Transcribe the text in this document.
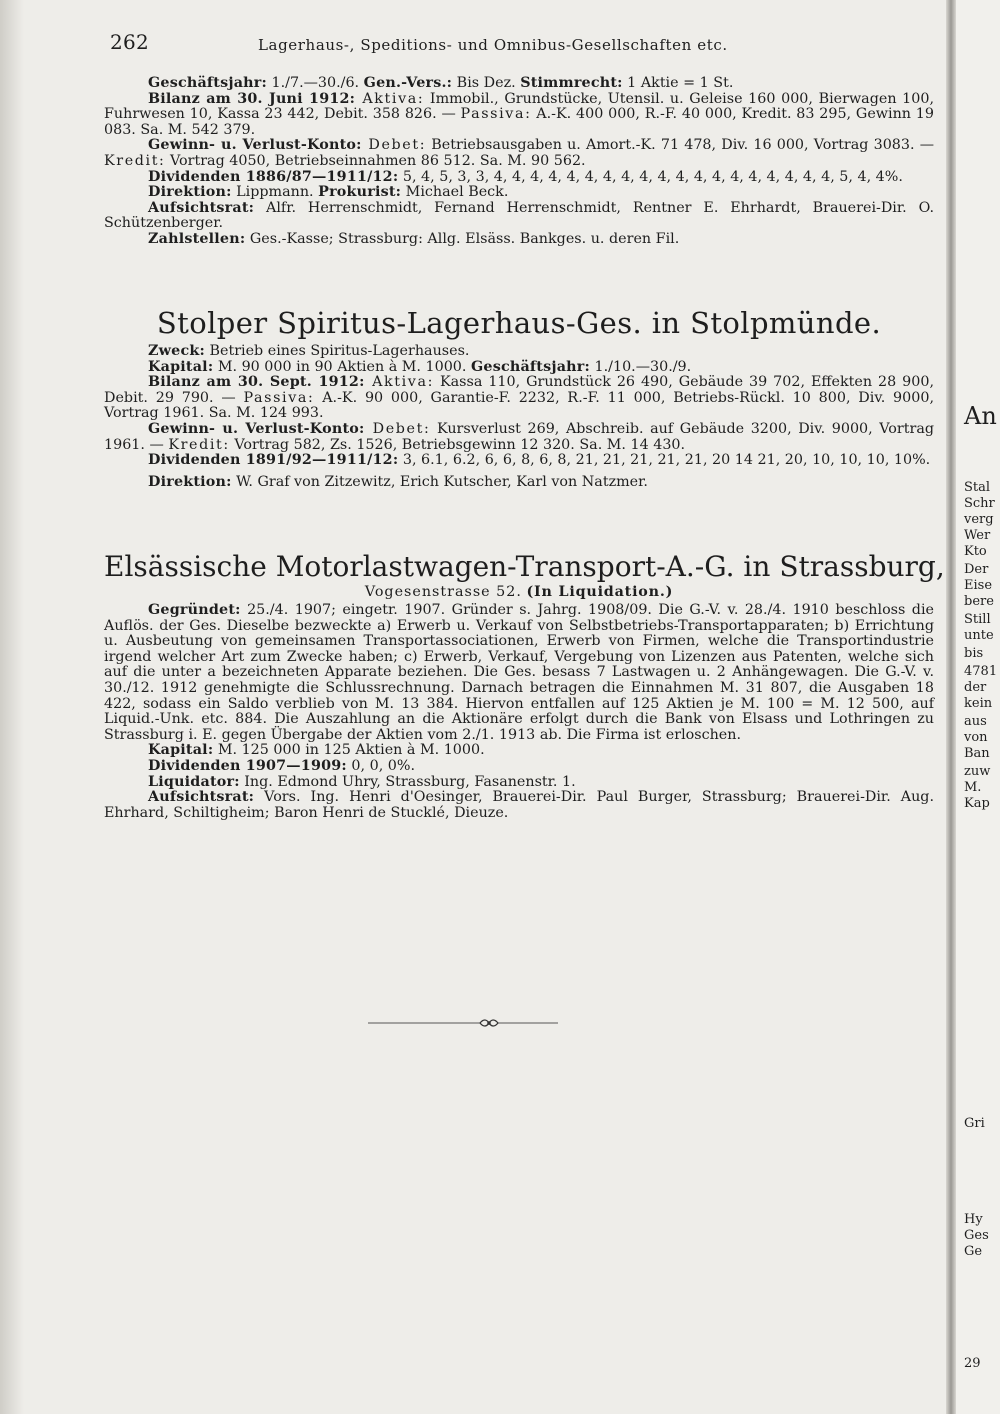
262	Lagerhaus-, Speditions- und Omnibus-Gesellschaften etc.

Geschäftsjahr: 1./7.—30./6. Gen.-Vers.: Bis Dez. Stimmrecht: 1 Aktie = 1 St.

Bilanz am 30. Juni 1912: Aktiva: Immobil., Grundstücke, Utensil. u. Geleise 160 000, Bierwagen 100, Fuhrwesen 10, Kassa 23 442, Debit. 358 826. — Passiva: A.-K. 400 000, R.-F. 40 000, Kredit. 83 295, Gewinn 19 083. Sa. M. 542 379.

Gewinn- u. Verlust-Konto: Debet: Betriebsausgaben u. Amort.-K. 71 478, Div. 16 000, Vortrag 3083. — Kredit: Vortrag 4050, Betriebseinnahmen 86 512. Sa. M. 90 562.

Dividenden 1886/87—1911/12: 5, 4, 5, 3, 3, 4, 4, 4, 4, 4, 4, 4, 4, 4, 4, 4, 4, 4, 4, 4, 4, 4, 4, 4, 5, 4, 4%.

Direktion: Lippmann. Prokurist: Michael Beck.

Aufsichtsrat: Alfr. Herrenschmidt, Fernand Herrenschmidt, Rentner E. Ehrhardt, Brauerei-Dir. O. Schützenberger.

Zahlstellen: Ges.-Kasse; Strassburg: Allg. Elsäss. Bankges. u. deren Fil.

Stolper Spiritus-Lagerhaus-Ges. in Stolpmünde.

Zweck: Betrieb eines Spiritus-Lagerhauses.

Kapital: M. 90 000 in 90 Aktien à M. 1000. Geschäftsjahr: 1./10.—30./9.

Bilanz am 30. Sept. 1912: Aktiva: Kassa 110, Grundstück 26 490, Gebäude 39 702, Effekten 28 900, Debit. 29 790. — Passiva: A.-K. 90 000, Garantie-F. 2232, R.-F. 11 000, Betriebs-Rückl. 10 800, Div. 9000, Vortrag 1961. Sa. M. 124 993.

Gewinn- u. Verlust-Konto: Debet: Kursverlust 269, Abschreib. auf Gebäude 3200, Div. 9000, Vortrag 1961. — Kredit: Vortrag 582, Zs. 1526, Betriebsgewinn 12 320. Sa. M. 14 430.

Dividenden 1891/92—1911/12: 3, 6.1, 6.2, 6, 6, 8, 6, 8, 21, 21, 21, 21, 21, 20 14 21, 20, 10, 10, 10, 10%.

Direktion: W. Graf von Zitzewitz, Erich Kutscher, Karl von Natzmer.

Elsässische Motorlastwagen-Transport-A.-G. in Strassburg,
Vogesenstrasse 52. (In Liquidation.)

Gegründet: 25./4. 1907; eingetr. 1907. Gründer s. Jahrg. 1908/09. Die G.-V. v. 28./4. 1910 beschloss die Auflös. der Ges. Dieselbe bezweckte a) Erwerb u. Verkauf von Selbstbetriebs-Transportapparaten; b) Errichtung u. Ausbeutung von gemeinsamen Transportassociationen, Erwerb von Firmen, welche die Transportindustrie irgend welcher Art zum Zwecke haben; c) Erwerb, Verkauf, Vergebung von Lizenzen aus Patenten, welche sich auf die unter a bezeichneten Apparate beziehen. Die Ges. besass 7 Lastwagen u. 2 Anhängewagen. Die G.-V. v. 30./12. 1912 genehmigte die Schlussrechnung. Darnach betragen die Einnahmen M. 31 807, die Ausgaben 18 422, sodass ein Saldo verblieb von M. 13 384. Hiervon entfallen auf 125 Aktien je M. 100 = M. 12 500, auf Liquid.-Unk. etc. 884. Die Auszahlung an die Aktionäre erfolgt durch die Bank von Elsass und Lothringen zu Strassburg i. E. gegen Übergabe der Aktien vom 2./1. 1913 ab. Die Firma ist erloschen.

Kapital: M. 125 000 in 125 Aktien à M. 1000.

Dividenden 1907—1909: 0, 0, 0%.

Liquidator: Ing. Edmond Uhry, Strassburg, Fasanenstr. 1.

Aufsichtsrat: Vors. Ing. Henri d'Oesinger, Brauerei-Dir. Paul Burger, Strassburg; Brauerei-Dir. Aug. Ehrhard, Schiltigheim; Baron Henri de Stucklé, Dieuze.

An
Stal
Schr
verg
Wer
Kto
Der
Eise
bere
Still
unte
bis
4781
der
kein
aus
von
Ban
zuw
M.
Kap
Gri
Hy
Ges
Ge
29
